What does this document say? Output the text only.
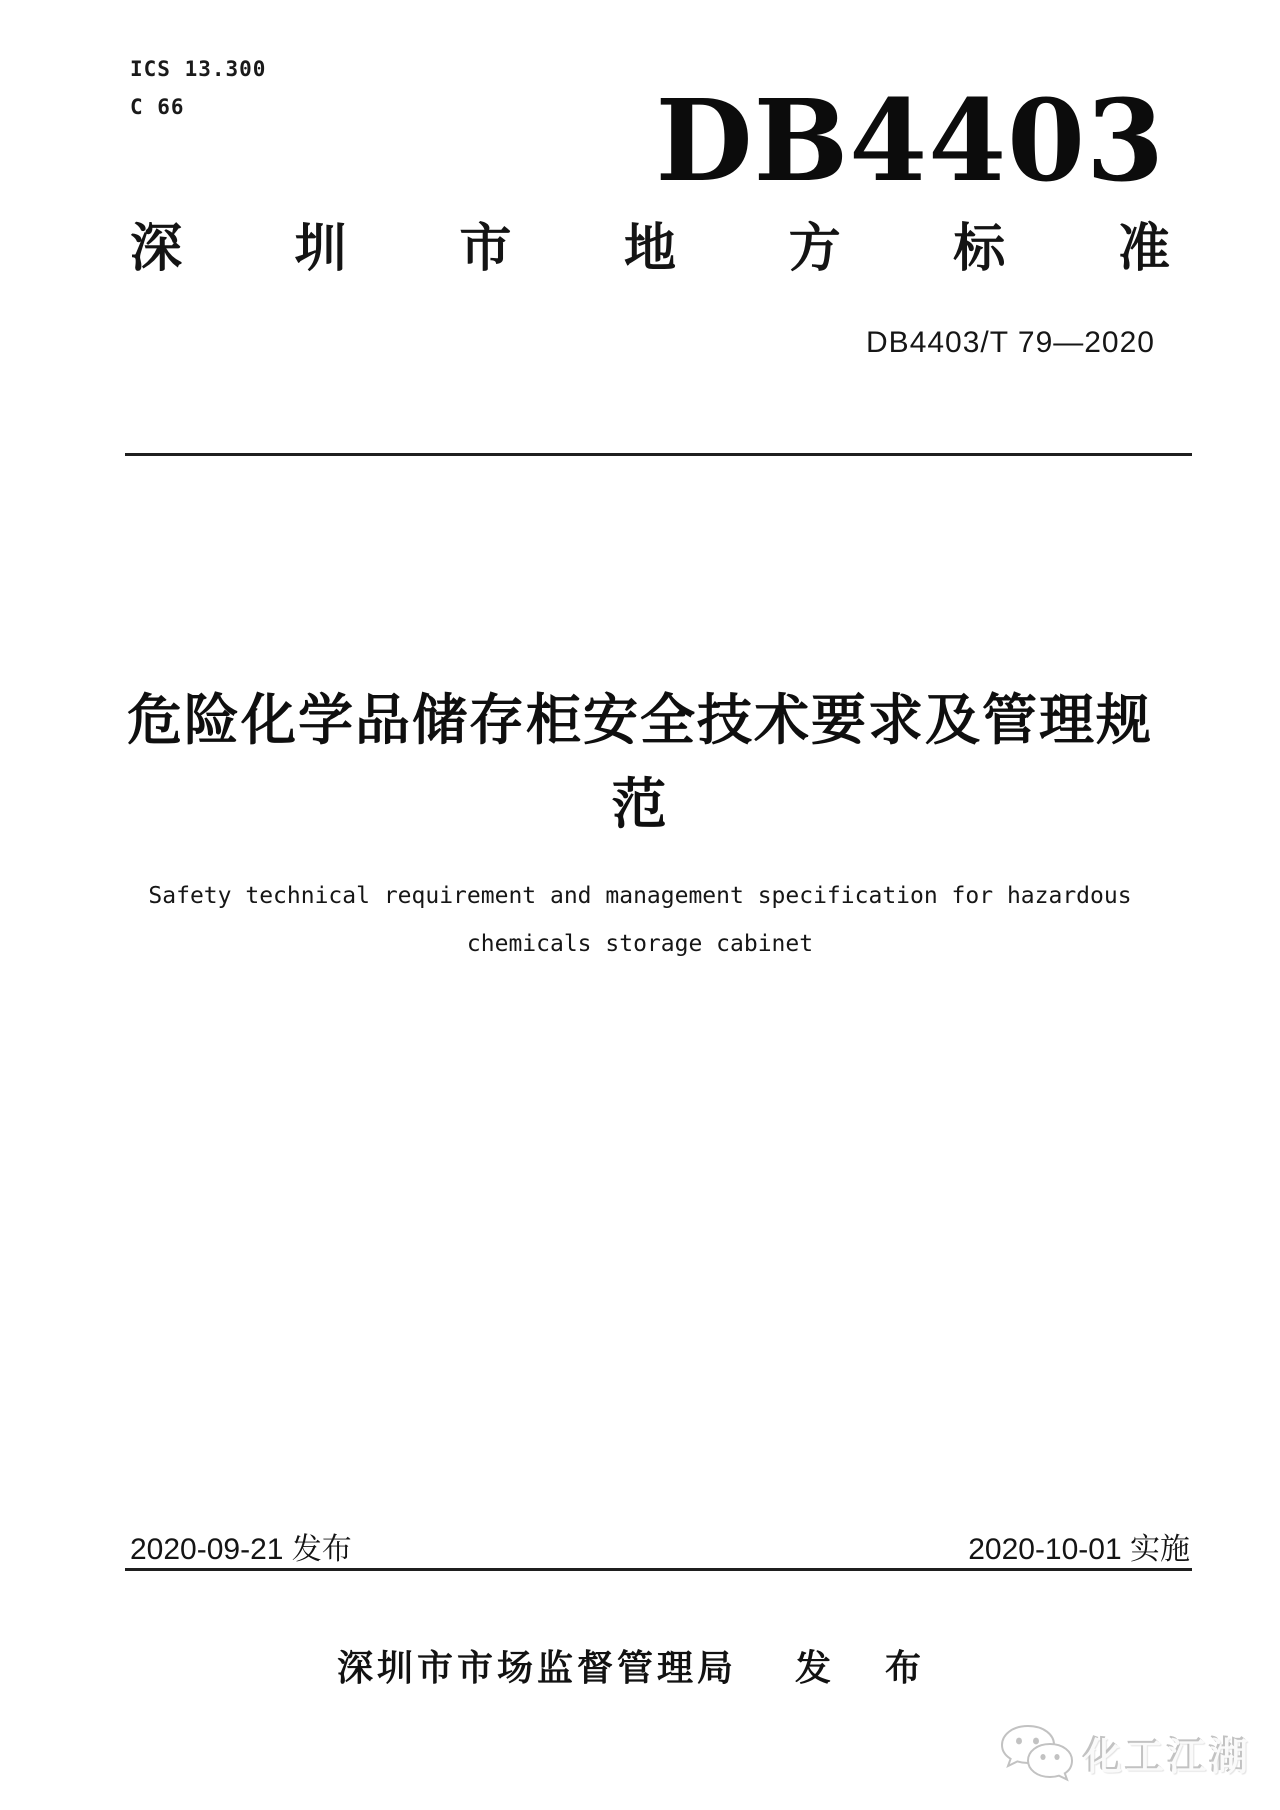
ICS 13.300
C 66	DB4403
深 圳 市 地 方 标 准
DB4403/T 79—2020
危险化学品储存柜安全技术要求及管理规
范
Safety technical requirement and management specification for hazardous
chemicals storage cabinet
2020-09-21 发布	2020-10-01 实施
深圳市市场监督管理局 发 布
化工江湖
